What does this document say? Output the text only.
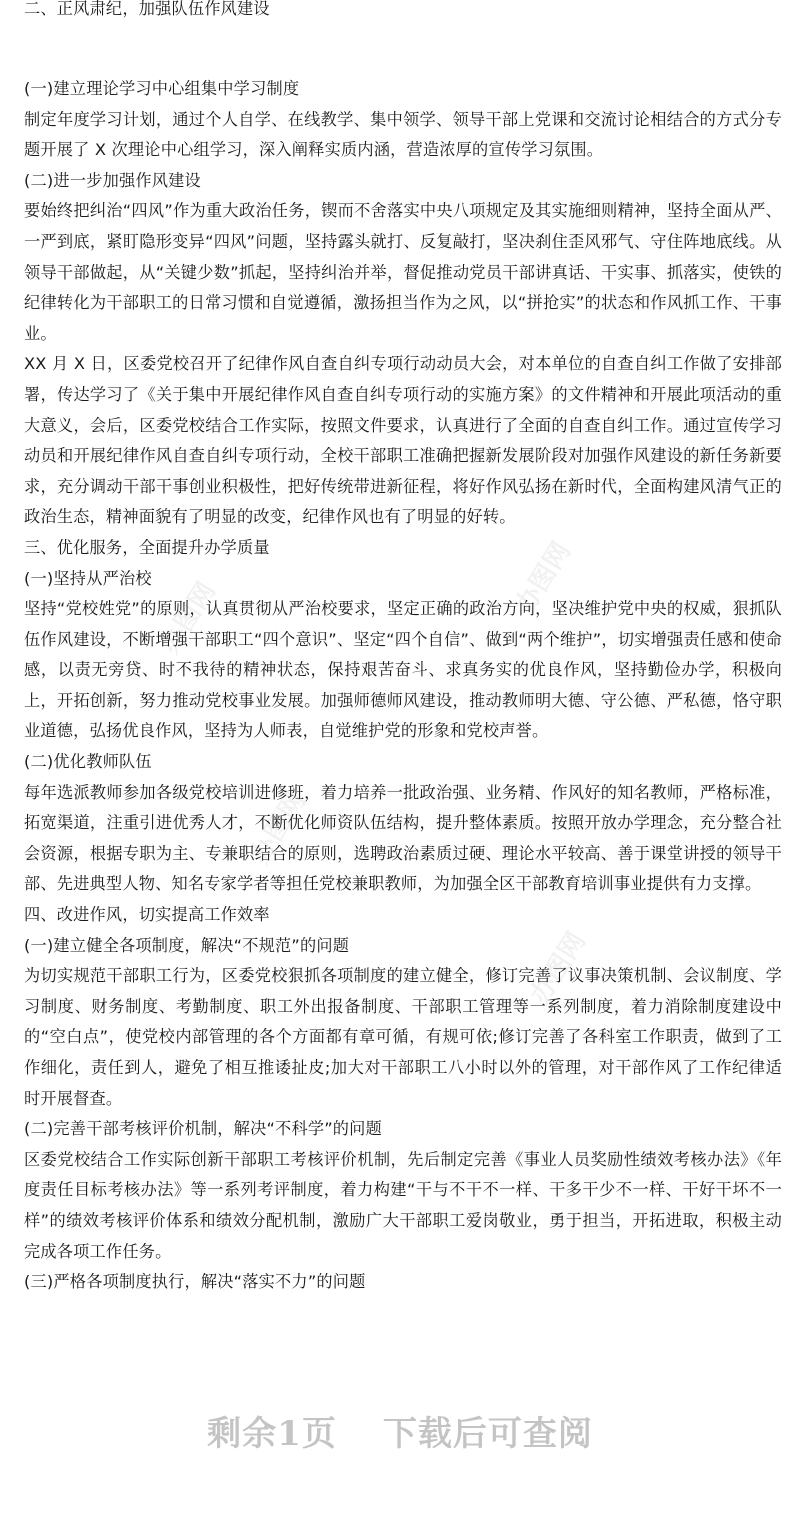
办图网
办图网
办图网
办图网

二、正风肃纪，加强队伍作风建设

(一)建立理论学习中心组集中学习制度

制定年度学习计划，通过个人自学、在线教学、集中领学、领导干部上党课和交流讨论相结合的方式分专题开展了 X 次理论中心组学习，深入阐释实质内涵，营造浓厚的宣传学习氛围。

(二)进一步加强作风建设

要始终把纠治“四风”作为重大政治任务，锲而不舍落实中央八项规定及其实施细则精神，坚持全面从严、一严到底，紧盯隐形变异“四风”问题，坚持露头就打、反复敲打，坚决刹住歪风邪气、守住阵地底线。从领导干部做起，从“关键少数”抓起，坚持纠治并举，督促推动党员干部讲真话、干实事、抓落实，使铁的纪律转化为干部职工的日常习惯和自觉遵循，激扬担当作为之风，以“拼抢实”的状态和作风抓工作、干事业。

XX 月 X 日，区委党校召开了纪律作风自查自纠专项行动动员大会，对本单位的自查自纠工作做了安排部署，传达学习了《关于集中开展纪律作风自查自纠专项行动的实施方案》的文件精神和开展此项活动的重大意义，会后，区委党校结合工作实际，按照文件要求，认真进行了全面的自查自纠工作。通过宣传学习动员和开展纪律作风自查自纠专项行动，全校干部职工准确把握新发展阶段对加强作风建设的新任务新要求，充分调动干部干事创业积极性，把好传统带进新征程，将好作风弘扬在新时代，全面构建风清气正的政治生态，精神面貌有了明显的改变，纪律作风也有了明显的好转。

三、优化服务，全面提升办学质量

(一)坚持从严治校

坚持“党校姓党”的原则，认真贯彻从严治校要求，坚定正确的政治方向，坚决维护党中央的权威，狠抓队伍作风建设，不断增强干部职工“四个意识”、坚定“四个自信”、做到“两个维护”，切实增强责任感和使命感，以责无旁贷、时不我待的精神状态，保持艰苦奋斗、求真务实的优良作风，坚持勤俭办学，积极向上，开拓创新，努力推动党校事业发展。加强师德师风建设，推动教师明大德、守公德、严私德，恪守职业道德，弘扬优良作风，坚持为人师表，自觉维护党的形象和党校声誉。

(二)优化教师队伍

每年选派教师参加各级党校培训进修班，着力培养一批政治强、业务精、作风好的知名教师，严格标准，拓宽渠道，注重引进优秀人才，不断优化师资队伍结构，提升整体素质。按照开放办学理念，充分整合社会资源，根据专职为主、专兼职结合的原则，选聘政治素质过硬、理论水平较高、善于课堂讲授的领导干部、先进典型人物、知名专家学者等担任党校兼职教师，为加强全区干部教育培训事业提供有力支撑。

四、改进作风，切实提高工作效率

(一)建立健全各项制度，解决“不规范”的问题

为切实规范干部职工行为，区委党校狠抓各项制度的建立健全，修订完善了议事决策机制、会议制度、学习制度、财务制度、考勤制度、职工外出报备制度、干部职工管理等一系列制度，着力消除制度建设中的“空白点”，使党校内部管理的各个方面都有章可循，有规可依;修订完善了各科室工作职责，做到了工作细化，责任到人，避免了相互推诿扯皮;加大对干部职工八小时以外的管理，对干部作风了工作纪律适时开展督查。

(二)完善干部考核评价机制，解决“不科学”的问题

区委党校结合工作实际创新干部职工考核评价机制，先后制定完善《事业人员奖励性绩效考核办法》《年度责任目标考核办法》等一系列考评制度，着力构建“干与不干不一样、干多干少不一样、干好干坏不一样”的绩效考核评价体系和绩效分配机制，激励广大干部职工爱岗敬业，勇于担当，开拓进取，积极主动完成各项工作任务。

(三)严格各项制度执行，解决“落实不力”的问题

剩余1页 下载后可查阅
